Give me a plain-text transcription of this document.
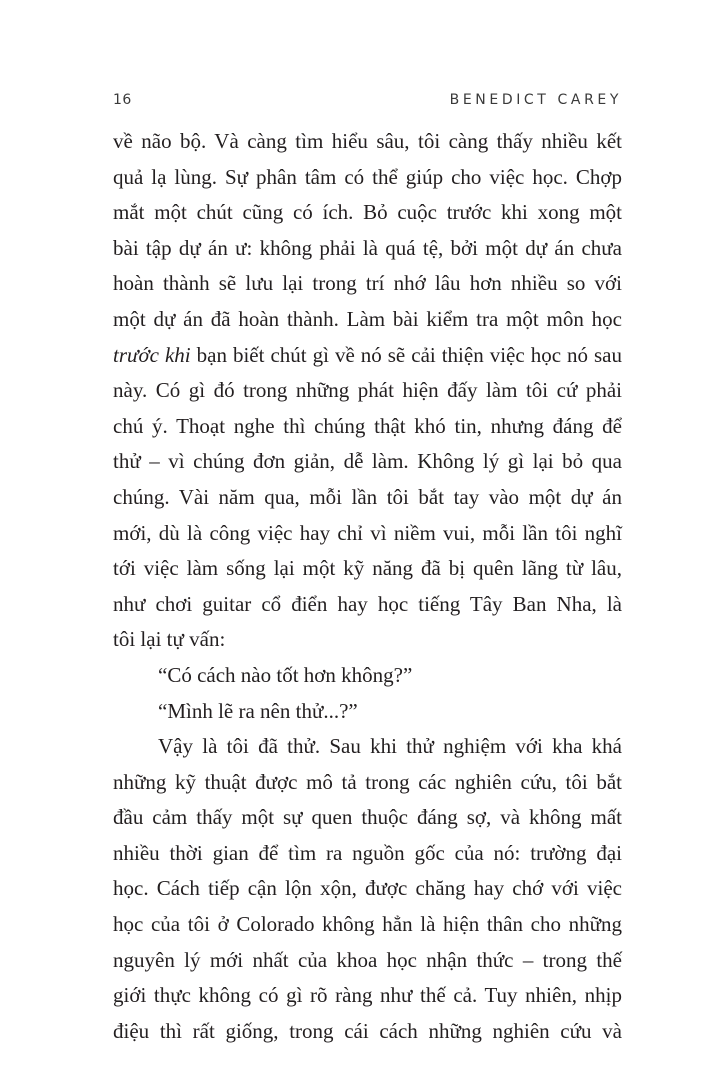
16	BENEDICT CAREY
về não bộ. Và càng tìm hiểu sâu, tôi càng thấy nhiều kết
quả lạ lùng. Sự phân tâm có thể giúp cho việc học. Chợp
mắt một chút cũng có ích. Bỏ cuộc trước khi xong một
bài tập dự án ư: không phải là quá tệ, bởi một dự án chưa
hoàn thành sẽ lưu lại trong trí nhớ lâu hơn nhiều so với
một dự án đã hoàn thành. Làm bài kiểm tra một môn học
trước khi bạn biết chút gì về nó sẽ cải thiện việc học nó sau
này. Có gì đó trong những phát hiện đấy làm tôi cứ phải
chú ý. Thoạt nghe thì chúng thật khó tin, nhưng đáng để
thử – vì chúng đơn giản, dễ làm. Không lý gì lại bỏ qua
chúng. Vài năm qua, mỗi lần tôi bắt tay vào một dự án
mới, dù là công việc hay chỉ vì niềm vui, mỗi lần tôi nghĩ
tới việc làm sống lại một kỹ năng đã bị quên lãng từ lâu,
như chơi guitar cổ điển hay học tiếng Tây Ban Nha, là
tôi lại tự vấn:
“Có cách nào tốt hơn không?”
“Mình lẽ ra nên thử...?”
Vậy là tôi đã thử. Sau khi thử nghiệm với kha khá
những kỹ thuật được mô tả trong các nghiên cứu, tôi bắt
đầu cảm thấy một sự quen thuộc đáng sợ, và không mất
nhiều thời gian để tìm ra nguồn gốc của nó: trường đại
học. Cách tiếp cận lộn xộn, được chăng hay chớ với việc
học của tôi ở Colorado không hẳn là hiện thân cho những
nguyên lý mới nhất của khoa học nhận thức – trong thế
giới thực không có gì rõ ràng như thế cả. Tuy nhiên, nhịp
điệu thì rất giống, trong cái cách những nghiên cứu và
